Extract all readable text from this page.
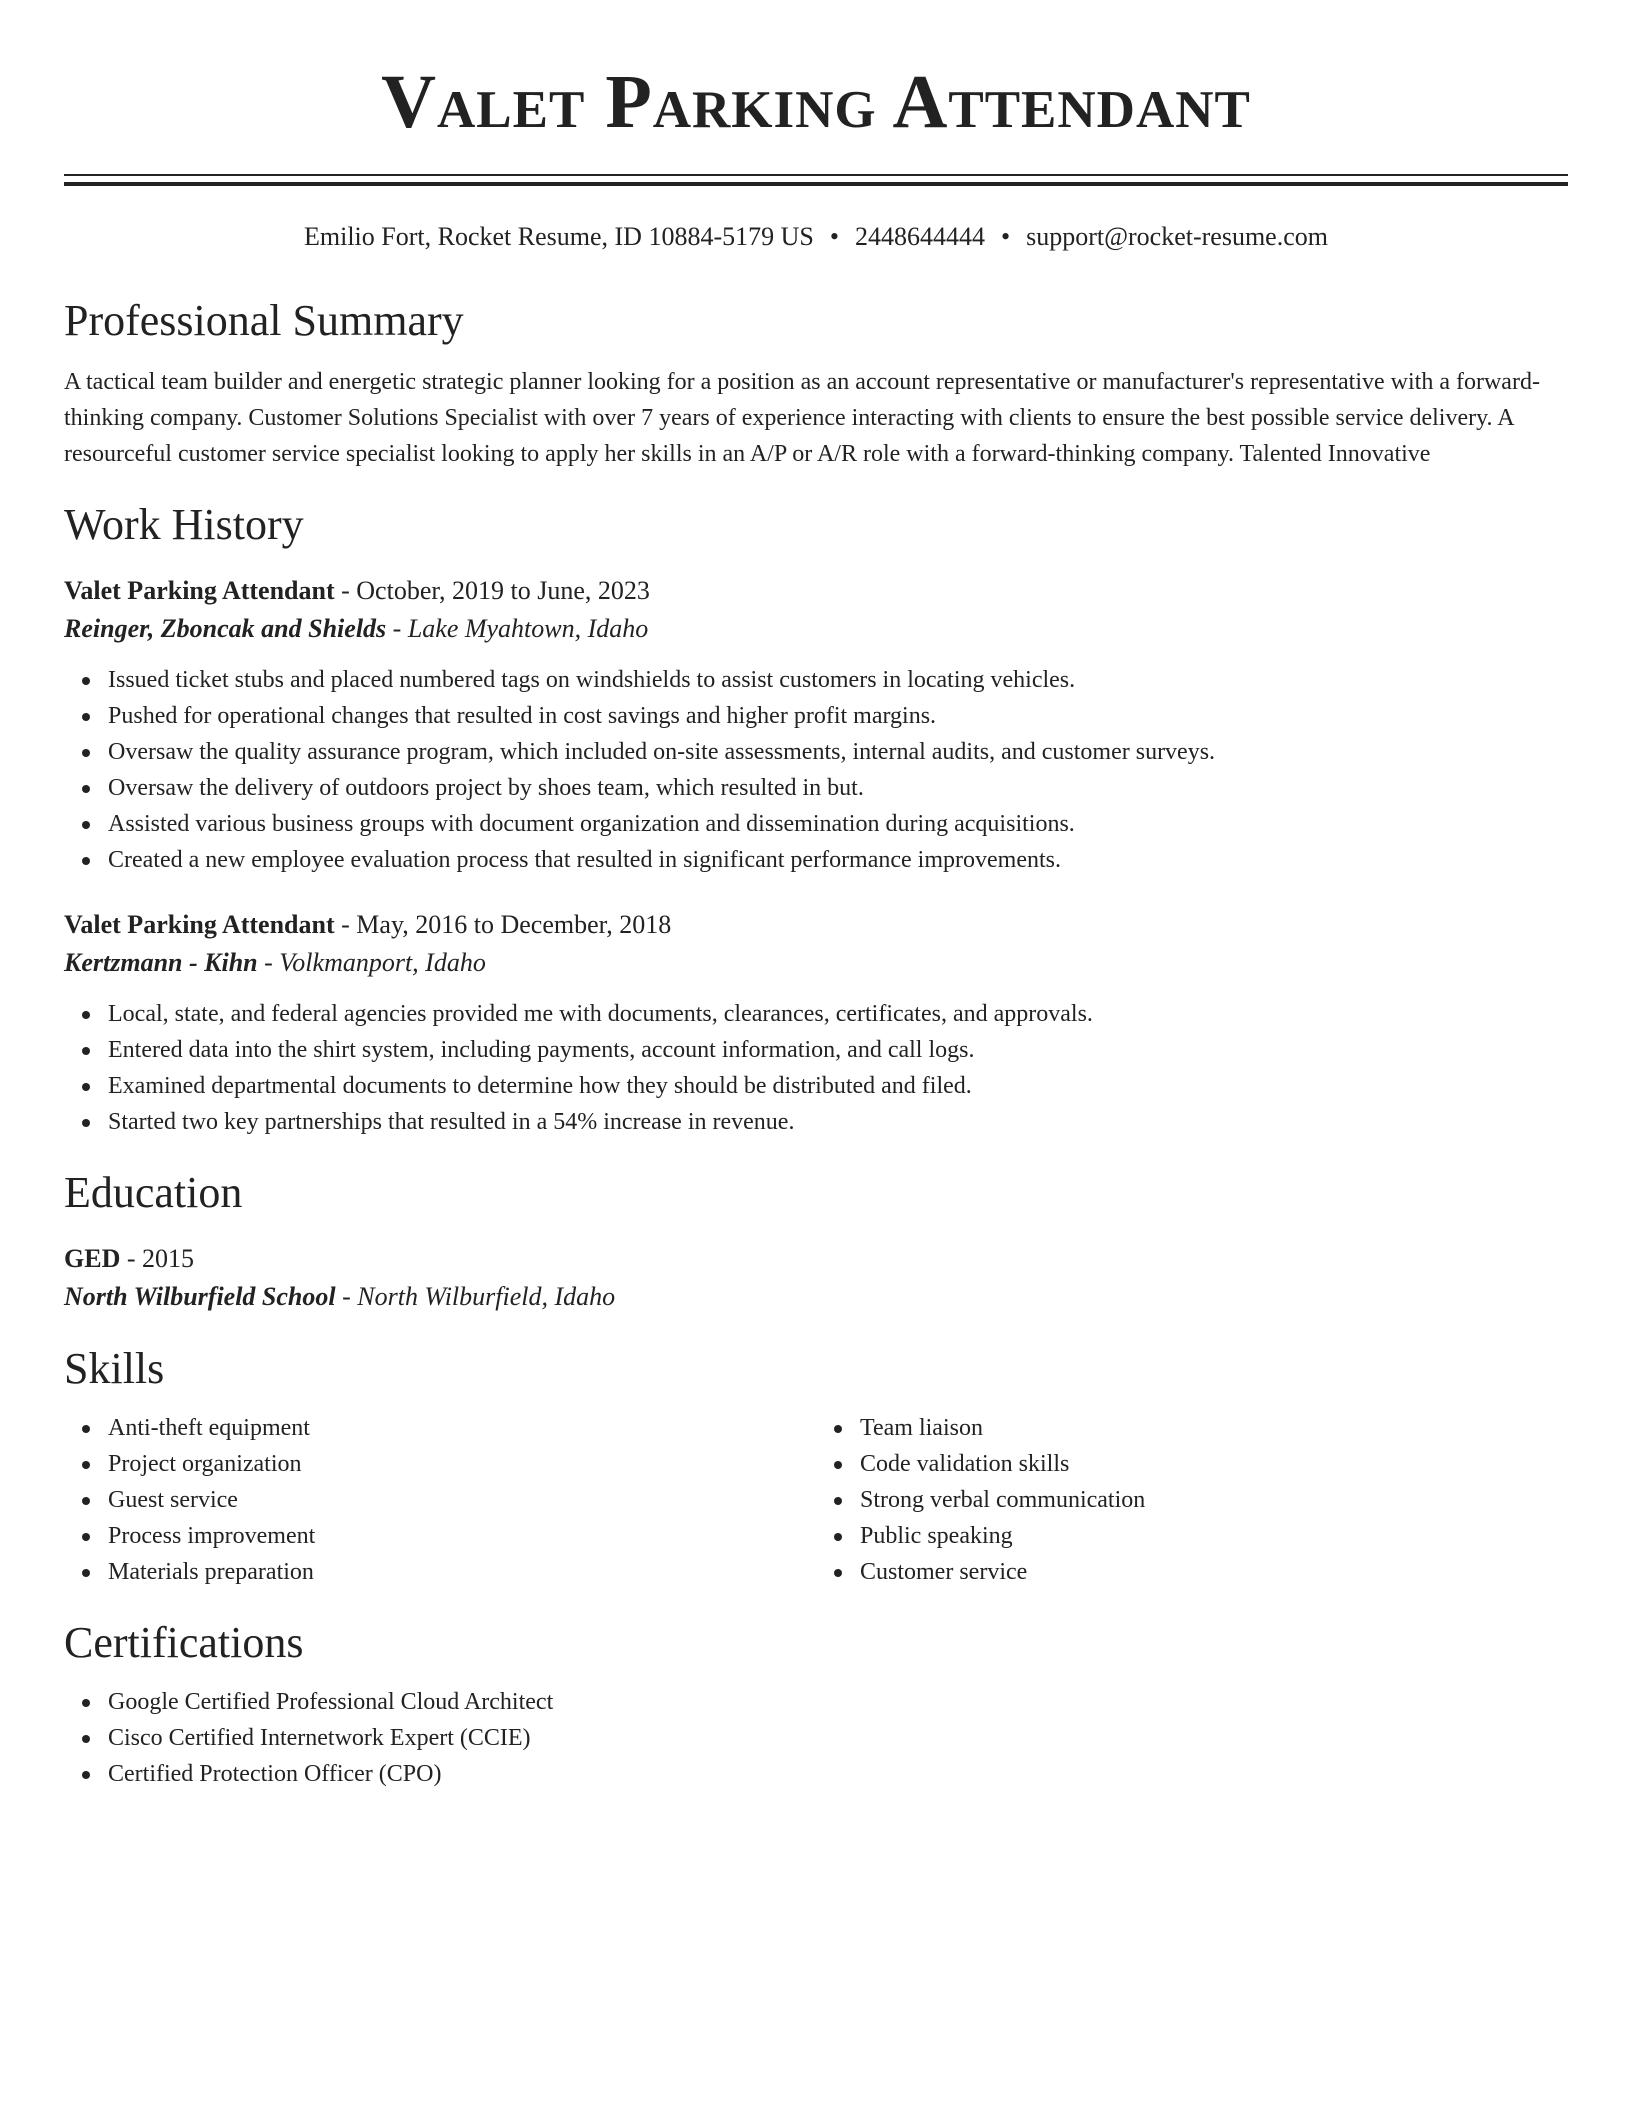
Valet Parking Attendant
Emilio Fort, Rocket Resume, ID 10884-5179 US • 2448644444 • support@rocket-resume.com
Professional Summary
A tactical team builder and energetic strategic planner looking for a position as an account representative or manufacturer's representative with a forward-thinking company. Customer Solutions Specialist with over 7 years of experience interacting with clients to ensure the best possible service delivery. A resourceful customer service specialist looking to apply her skills in an A/P or A/R role with a forward-thinking company. Talented Innovative
Work History
Valet Parking Attendant - October, 2019 to June, 2023
Reinger, Zboncak and Shields - Lake Myahtown, Idaho
Issued ticket stubs and placed numbered tags on windshields to assist customers in locating vehicles.
Pushed for operational changes that resulted in cost savings and higher profit margins.
Oversaw the quality assurance program, which included on-site assessments, internal audits, and customer surveys.
Oversaw the delivery of outdoors project by shoes team, which resulted in but.
Assisted various business groups with document organization and dissemination during acquisitions.
Created a new employee evaluation process that resulted in significant performance improvements.
Valet Parking Attendant - May, 2016 to December, 2018
Kertzmann - Kihn - Volkmanport, Idaho
Local, state, and federal agencies provided me with documents, clearances, certificates, and approvals.
Entered data into the shirt system, including payments, account information, and call logs.
Examined departmental documents to determine how they should be distributed and filed.
Started two key partnerships that resulted in a 54% increase in revenue.
Education
GED - 2015
North Wilburfield School - North Wilburfield, Idaho
Skills
Anti-theft equipment
Project organization
Guest service
Process improvement
Materials preparation
Team liaison
Code validation skills
Strong verbal communication
Public speaking
Customer service
Certifications
Google Certified Professional Cloud Architect
Cisco Certified Internetwork Expert (CCIE)
Certified Protection Officer (CPO)
